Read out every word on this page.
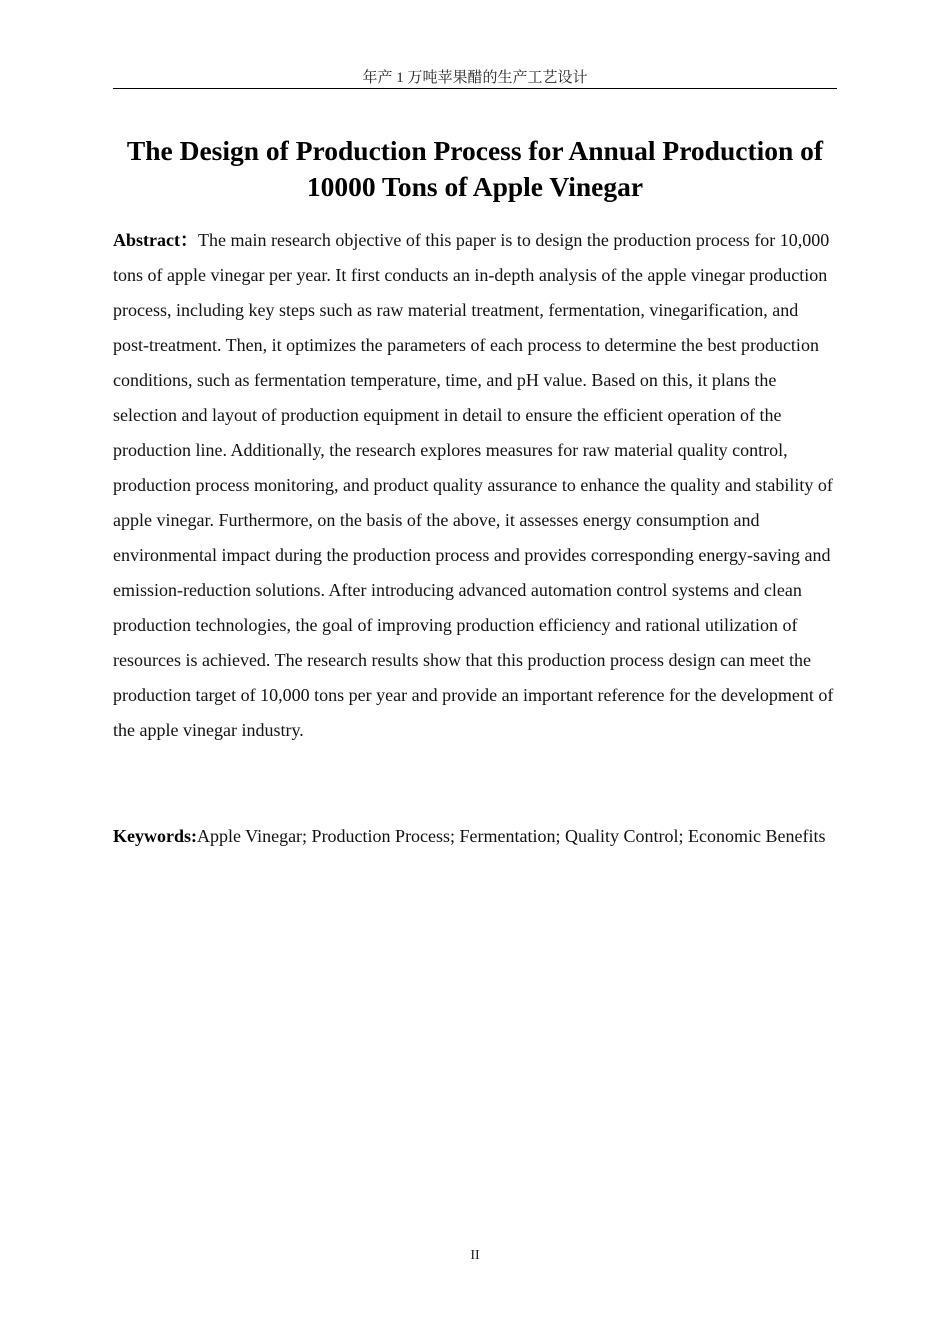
年产 1 万吨苹果醋的生产工艺设计
The Design of Production Process for Annual Production of 10000 Tons of Apple Vinegar

Abstract：The main research objective of this paper is to design the production process for 10,000 tons of apple vinegar per year. It first conducts an in-depth analysis of the apple vinegar production process, including key steps such as raw material treatment, fermentation, vinegarification, and post-treatment. Then, it optimizes the parameters of each process to determine the best production conditions, such as fermentation temperature, time, and pH value. Based on this, it plans the selection and layout of production equipment in detail to ensure the efficient operation of the production line. Additionally, the research explores measures for raw material quality control, production process monitoring, and product quality assurance to enhance the quality and stability of apple vinegar. Furthermore, on the basis of the above, it assesses energy consumption and environmental impact during the production process and provides corresponding energy-saving and emission-reduction solutions. After introducing advanced automation control systems and clean production technologies, the goal of improving production efficiency and rational utilization of resources is achieved. The research results show that this production process design can meet the production target of 10,000 tons per year and provide an important reference for the development of the apple vinegar industry.

Keywords:Apple Vinegar; Production Process; Fermentation; Quality Control; Economic Benefits

II
